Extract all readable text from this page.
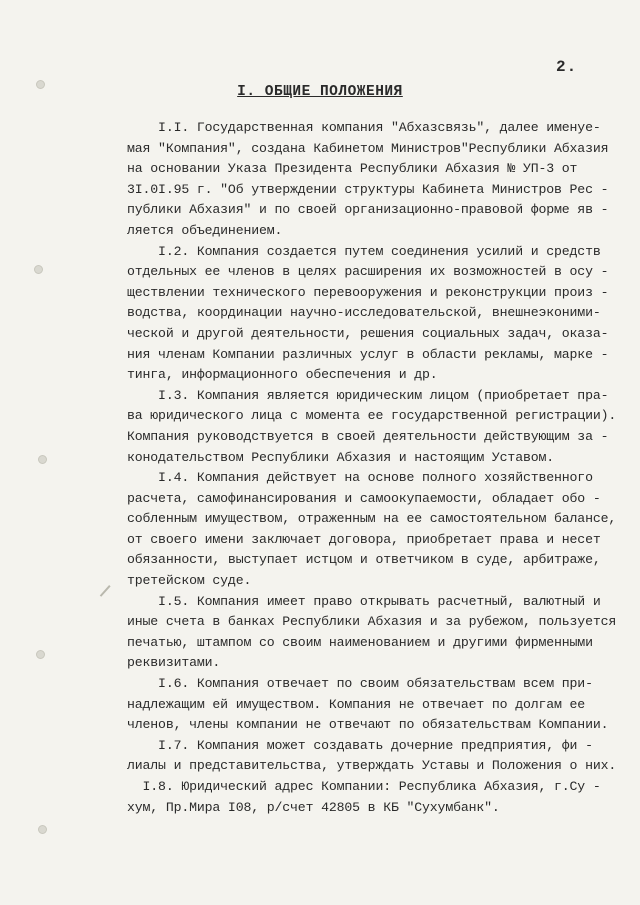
2.
I. ОБЩИЕ ПОЛОЖЕНИЯ
I.I. Государственная компания "Абхазсвязь", далее именуе-
мая "Компания", создана Кабинетом Министров"Республики Абхазия
на основании Указа Президента Республики Абхазия № УП-3 от
3I.0I.95 г. "Об утверждении структуры Кабинета Министров Рес -
публики Абхазия" и по своей организационно-правовой форме яв -
ляется объединением.
I.2. Компания создается путем соединения усилий и средств
отдельных ее членов в целях расширения их возможностей в осу -
ществлении технического перевооружения и реконструкции произ -
водства, координации научно-исследовательской, внешнеэконими-
ческой и другой деятельности, решения социальных задач, оказа-
ния членам Компании различных услуг в области рекламы, марке -
тинга, информационного обеспечения и др.
I.3. Компания является юридическим лицом (приобретает пра-
ва юридического лица с момента ее государственной регистрации).
Компания руководствуется в своей деятельности действующим за -
конодательством Республики Абхазия и настоящим Уставом.
I.4. Компания действует на основе полного хозяйственного
расчета, самофинансирования и самоокупаемости, обладает обо -
собленным имуществом, отраженным на ее самостоятельном балансе,
от своего имени заключает договора, приобретает права и несет
обязанности, выступает истцом и ответчиком в суде, арбитраже,
третейском суде.
I.5. Компания имеет право открывать расчетный, валютный и
иные счета в банках Республики Абхазия и за рубежом, пользуется
печатью, штампом со своим наименованием и другими фирменными
реквизитами.
I.6. Компания отвечает по своим обязательствам всем при-
надлежащим ей имуществом. Компания не отвечает по долгам ее
членов, члены компании не отвечают по обязательствам Компании.
I.7. Компания может создавать дочерние предприятия, фи -
лиалы и представительства, утверждать Уставы и Положения о них.
I.8. Юридический адрес Компании: Республика Абхазия, г.Су -
хум, Пр.Мира I08, р/счет 42805 в КБ "Сухумбанк".
